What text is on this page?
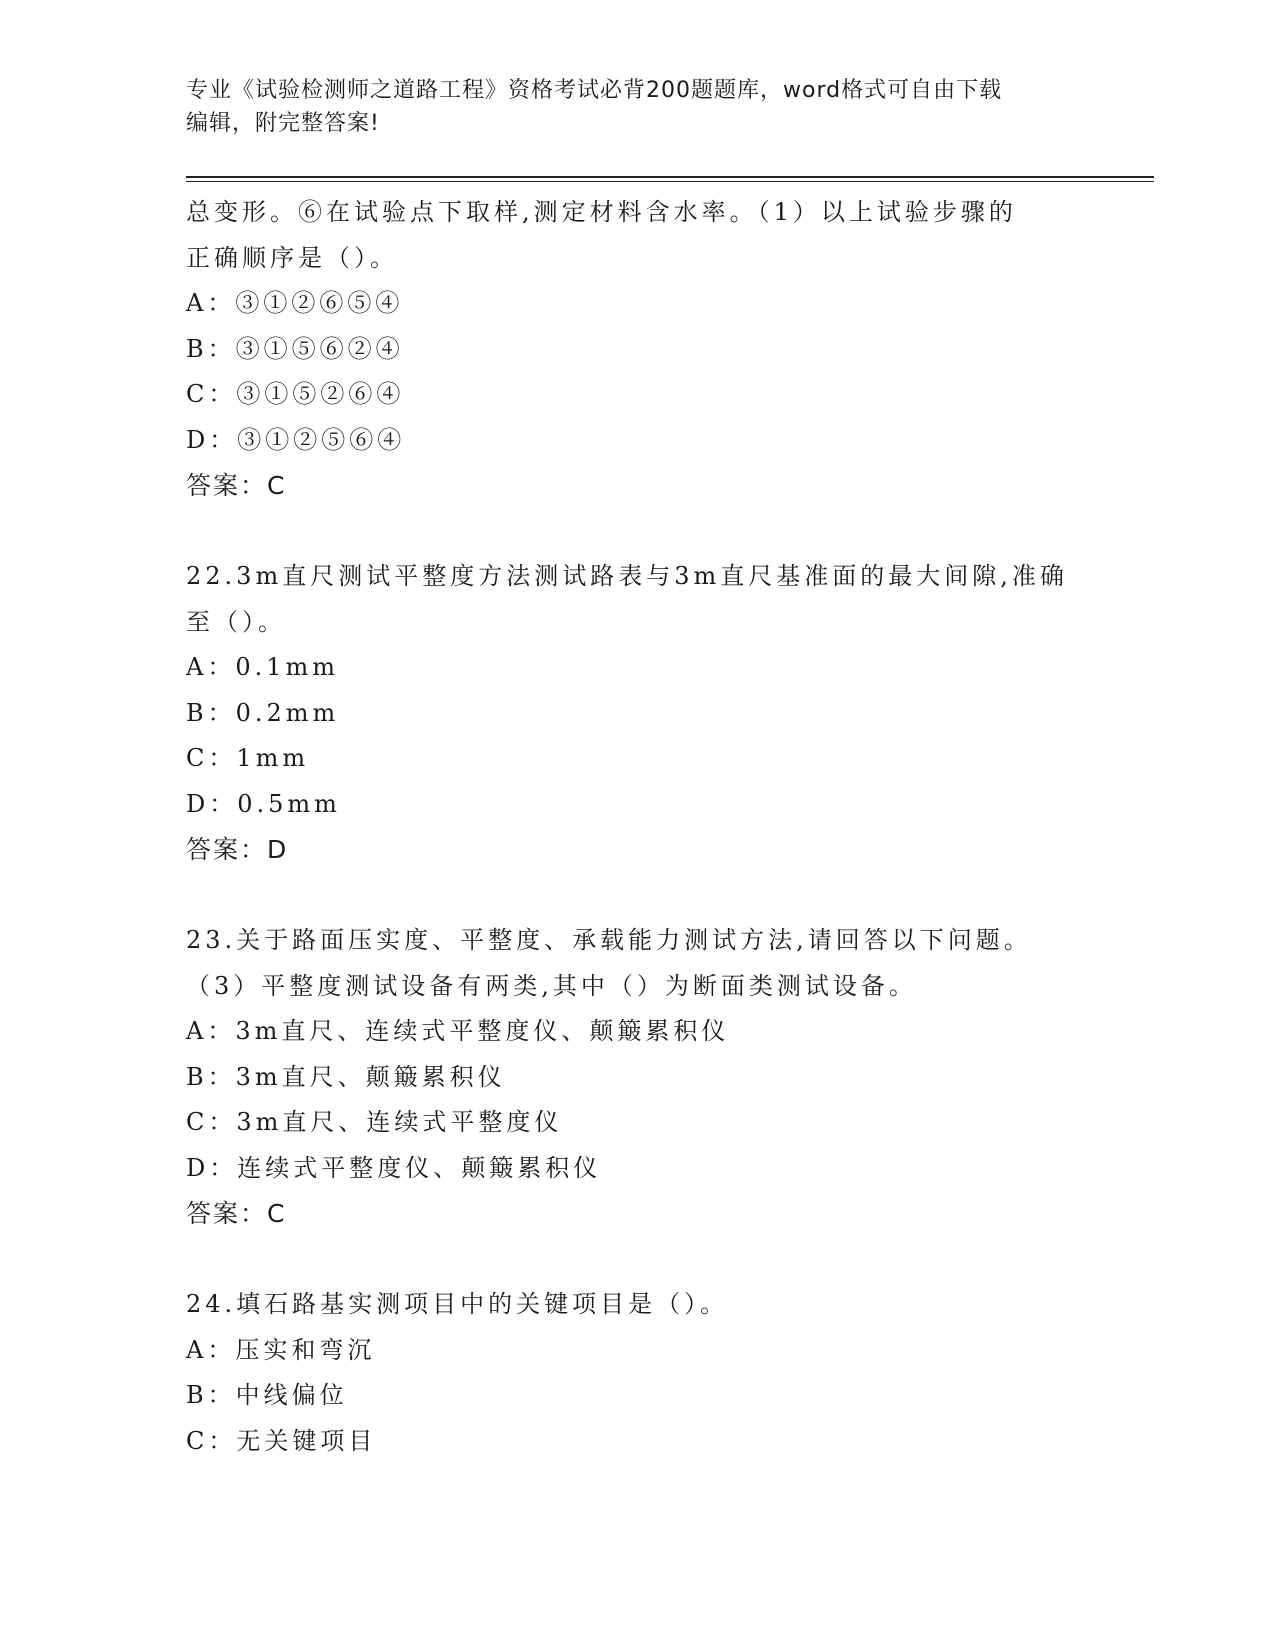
专业《试验检测师之道路工程》资格考试必背200题题库，word格式可自由下载
编辑，附完整答案!
总变形。⑥在试验点下取样,测定材料含水率。（1）以上试验步骤的
正确顺序是（）。
A：③①②⑥⑤④
B：③①⑤⑥②④
C：③①⑤②⑥④
D：③①②⑤⑥④
答案：C
22.3m直尺测试平整度方法测试路表与3m直尺基准面的最大间隙,准确
至（）。
A：0.1mm
B：0.2mm
C：1mm
D：0.5mm
答案：D
23.关于路面压实度、平整度、承载能力测试方法,请回答以下问题。
（3）平整度测试设备有两类,其中（）为断面类测试设备。
A：3m直尺、连续式平整度仪、颠簸累积仪
B：3m直尺、颠簸累积仪
C：3m直尺、连续式平整度仪
D：连续式平整度仪、颠簸累积仪
答案：C
24.填石路基实测项目中的关键项目是（）。
A：压实和弯沉
B：中线偏位
C：无关键项目
